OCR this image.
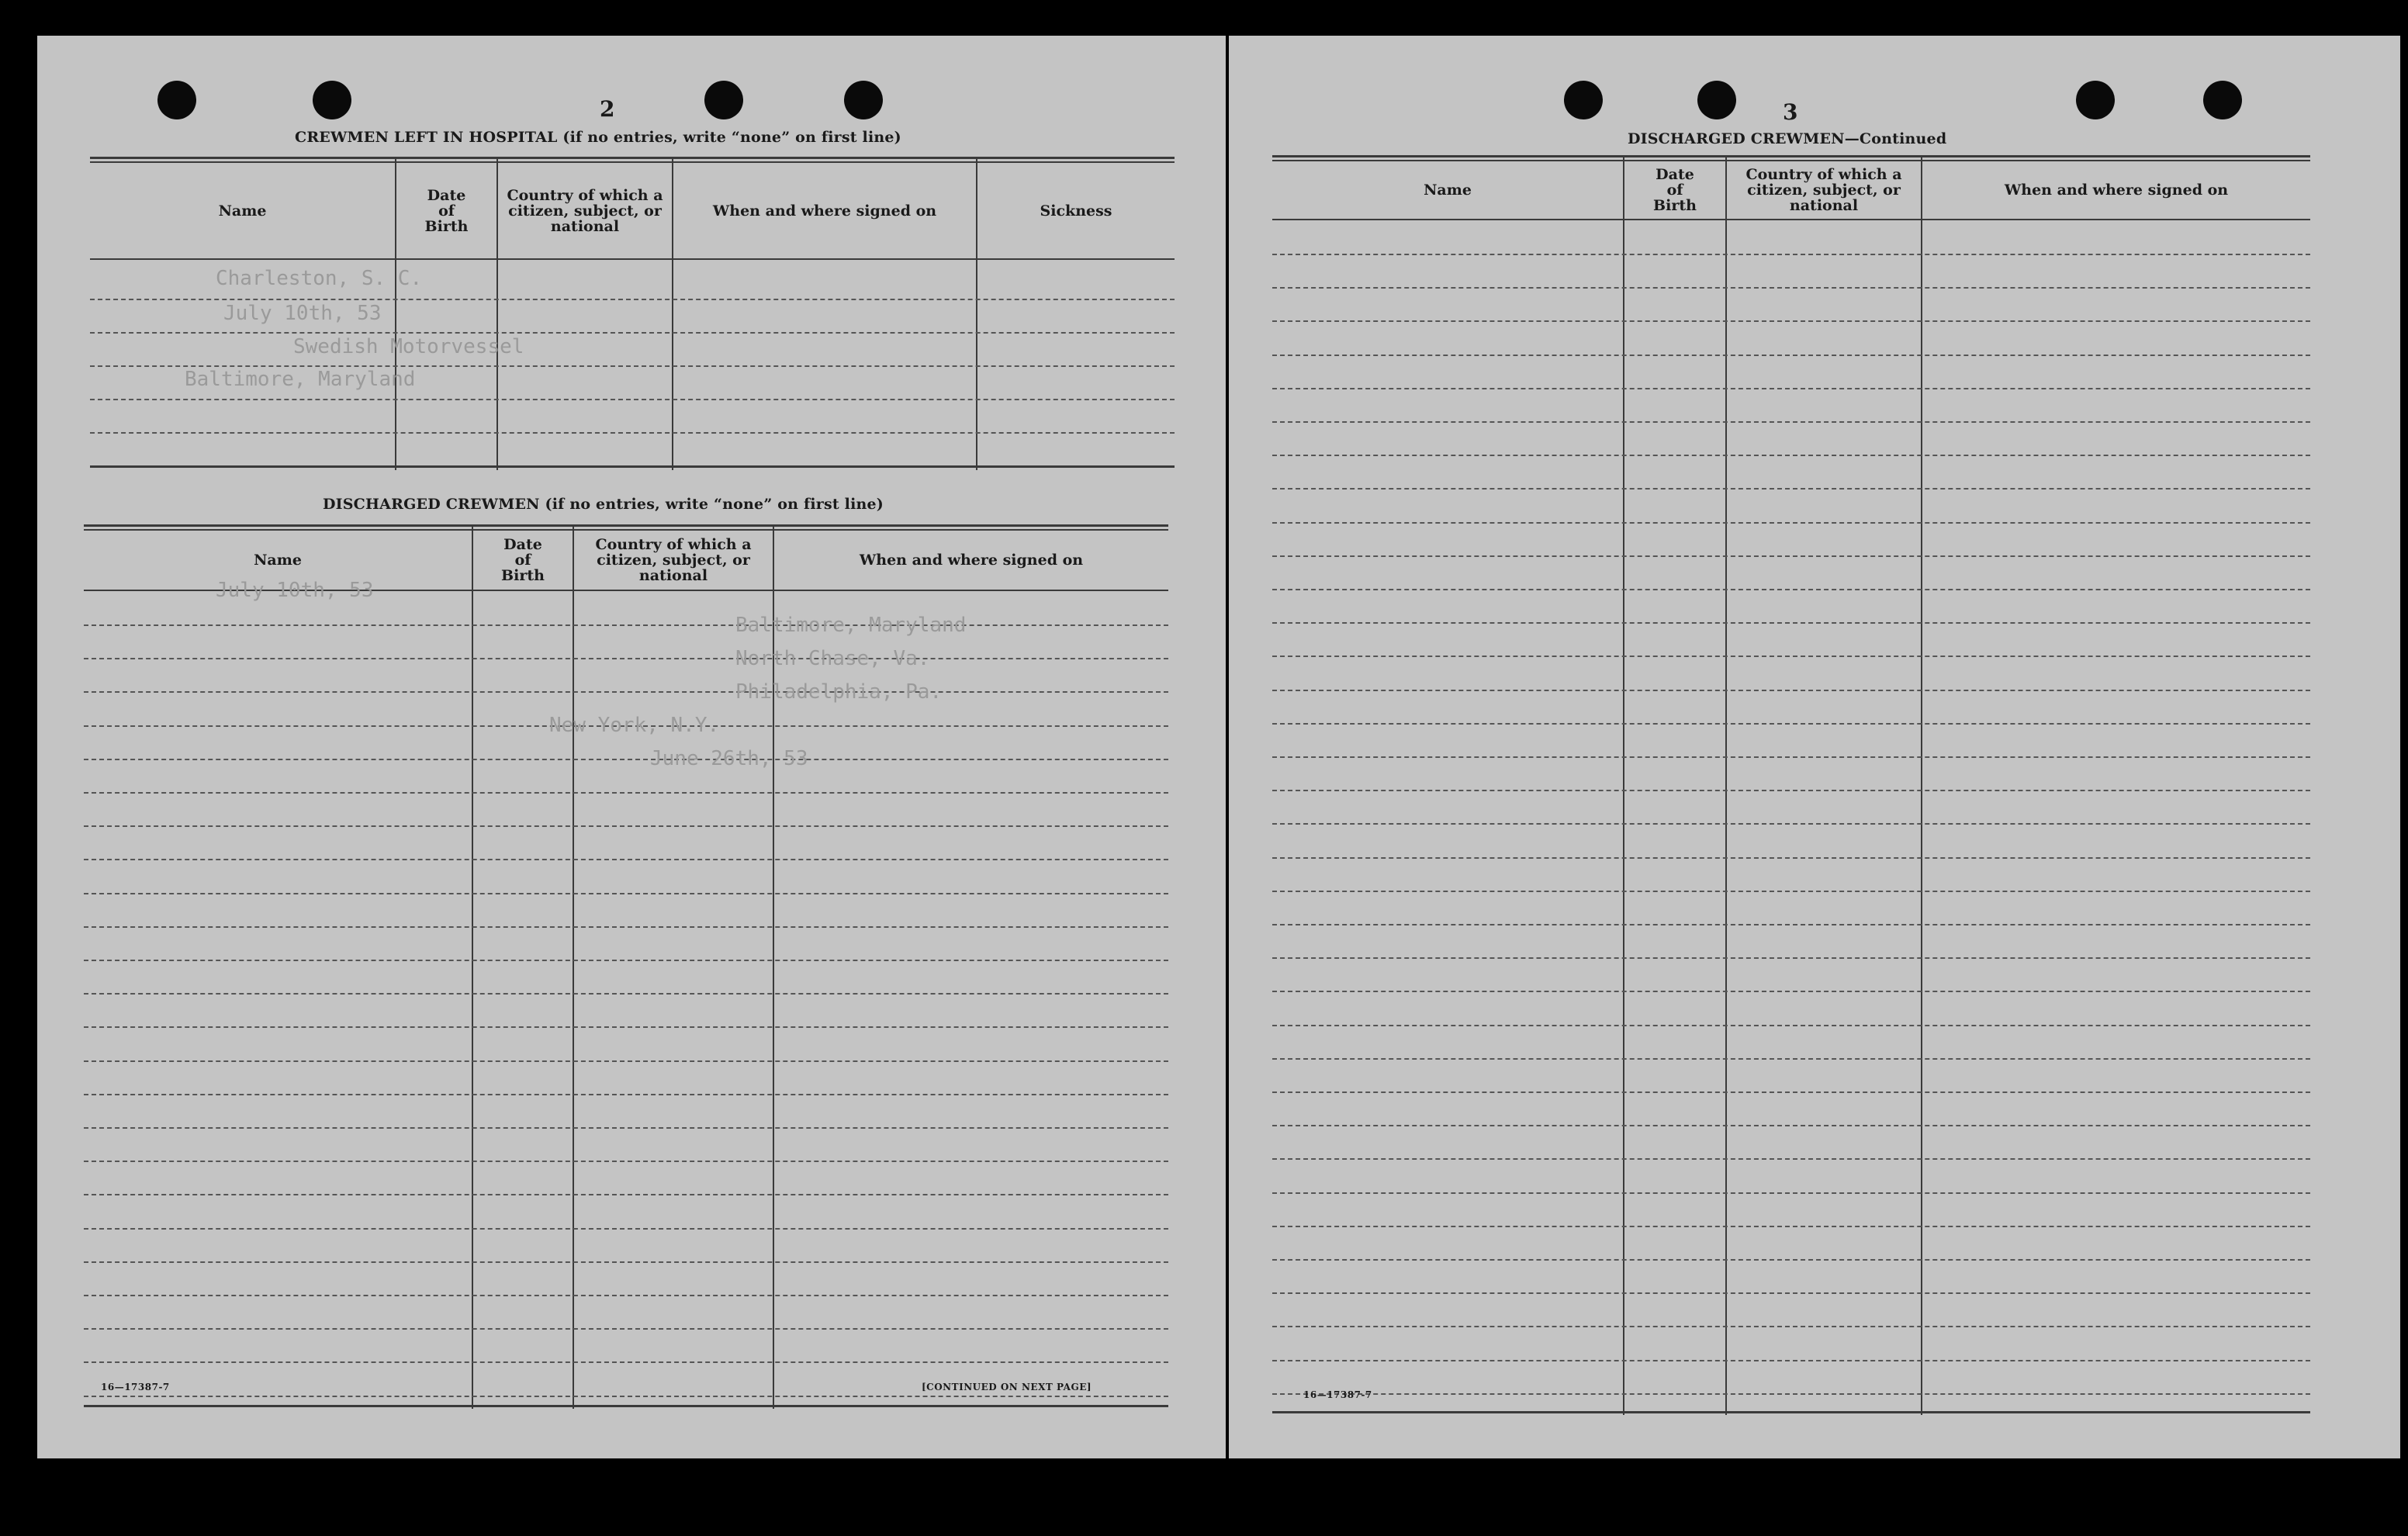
2
CREWMEN LEFT IN HOSPITAL (if no entries, write “none” on first line)
Name
Date
of
Birth
Country of which a
citizen, subject, or
national
When and where signed on	Sickness
Charleston, S. C.
July 10th, 53
Swedish Motorvessel
Baltimore, Maryland
DISCHARGED CREWMEN (if no entries, write “none” on first line)
Name
Date
of
Birth
Country of which a
citizen, subject, or
national
When and where signed on
July 10th, 53
Baltimore, Maryland
North Chase, Va.
Philadelphia, Pa.
New York, N.Y.
June 26th, 53
16—17387-7	[CONTINUED ON NEXT PAGE]
3
DISCHARGED CREWMEN—Continued
Name
Date
of
Birth
Country of which a
citizen, subject, or
national
When and where signed on
16—17387-7
